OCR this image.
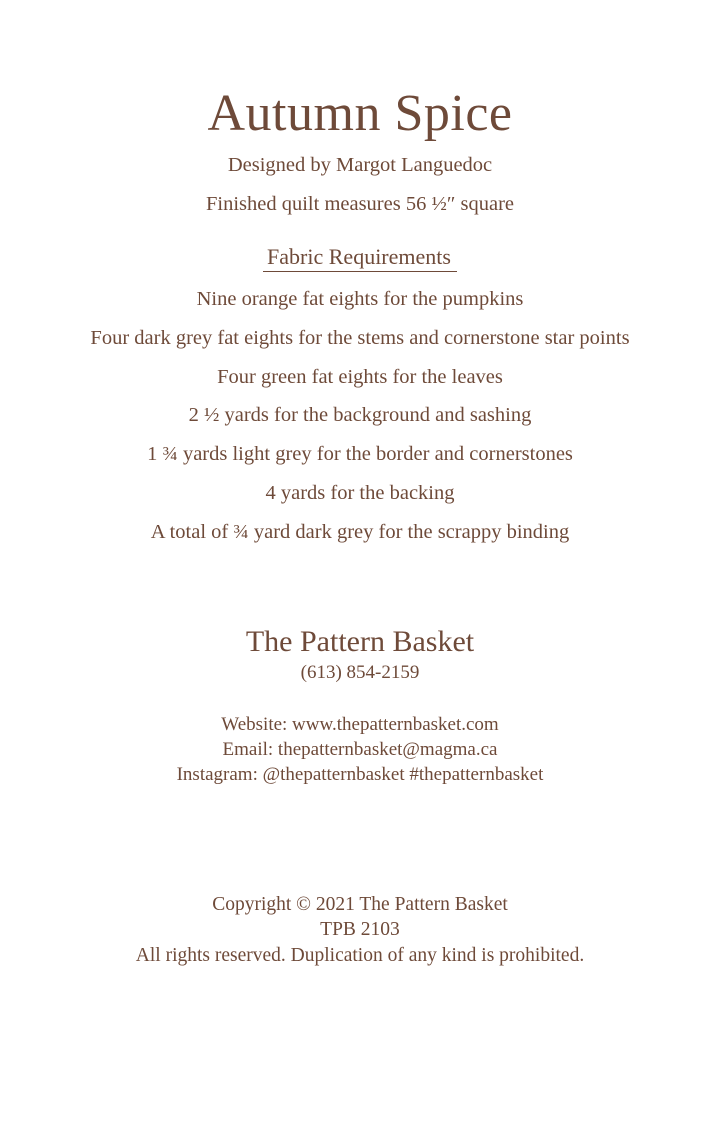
Autumn Spice
Designed by Margot Languedoc
Finished quilt measures 56 ½″ square
Fabric Requirements
Nine orange fat eights for the pumpkins
Four dark grey fat eights for the stems and cornerstone star points
Four green fat eights for the leaves
2 ½ yards for the background and sashing
1 ¾ yards light grey for the border and cornerstones
4 yards for the backing
A total of ¾ yard dark grey for the scrappy binding
The Pattern Basket
(613) 854-2159
Website: www.thepatternbasket.com
Email: thepatternbasket@magma.ca
Instagram: @thepatternbasket #thepatternbasket
Copyright © 2021 The Pattern Basket
TPB 2103
All rights reserved. Duplication of any kind is prohibited.
